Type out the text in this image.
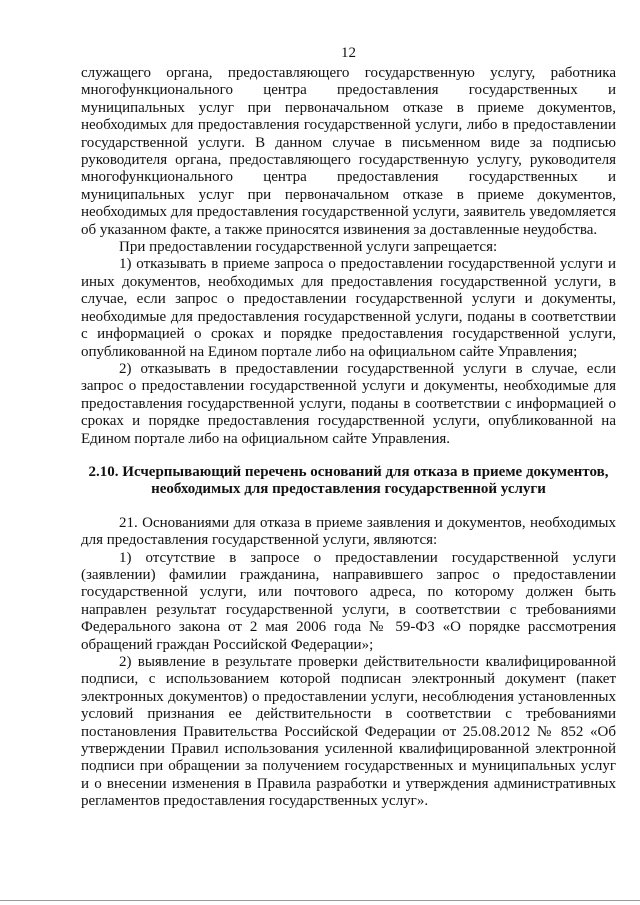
12

служащего органа, предоставляющего государственную услугу, работника многофункционального центра предоставления государственных и муниципальных услуг при первоначальном отказе в приеме документов, необходимых для предоставления государственной услуги, либо в предоставлении государственной услуги. В данном случае в письменном виде за подписью руководителя органа, предоставляющего государственную услугу, руководителя многофункционального центра предоставления государственных и муниципальных услуг при первоначальном отказе в приеме документов, необходимых для предоставления государственной услуги, заявитель уведомляется об указанном факте, а также приносятся извинения за доставленные неудобства.

При предоставлении государственной услуги запрещается:

1) отказывать в приеме запроса о предоставлении государственной услуги и иных документов, необходимых для предоставления государственной услуги, в случае, если запрос о предоставлении государственной услуги и документы, необходимые для предоставления государственной услуги, поданы в соответствии с информацией о сроках и порядке предоставления государственной услуги, опубликованной на Едином портале либо на официальном сайте Управления;

2) отказывать в предоставлении государственной услуги в случае, если запрос о предоставлении государственной услуги и документы, необходимые для предоставления государственной услуги, поданы в соответствии с информацией о сроках и порядке предоставления государственной услуги, опубликованной на Едином портале либо на официальном сайте Управления.

2.10. Исчерпывающий перечень оснований для отказа в приеме документов,
необходимых для предоставления государственной услуги

21. Основаниями для отказа в приеме заявления и документов, необходимых для предоставления государственной услуги, являются:

1) отсутствие в запросе о предоставлении государственной услуги (заявлении) фамилии гражданина, направившего запрос о предоставлении государственной услуги, или почтового адреса, по которому должен быть направлен результат государственной услуги, в соответствии с требованиями Федерального закона от 2 мая 2006 года № 59-ФЗ «О порядке рассмотрения обращений граждан Российской Федерации»;

2) выявление в результате проверки действительности квалифицированной подписи, с использованием которой подписан электронный документ (пакет электронных документов) о предоставлении услуги, несоблюдения установленных условий признания ее действительности в соответствии с требованиями постановления Правительства Российской Федерации от 25.08.2012 № 852 «Об утверждении Правил использования усиленной квалифицированной электронной подписи при обращении за получением государственных и муниципальных услуг и о внесении изменения в Правила разработки и утверждения административных регламентов предоставления государственных услуг».
